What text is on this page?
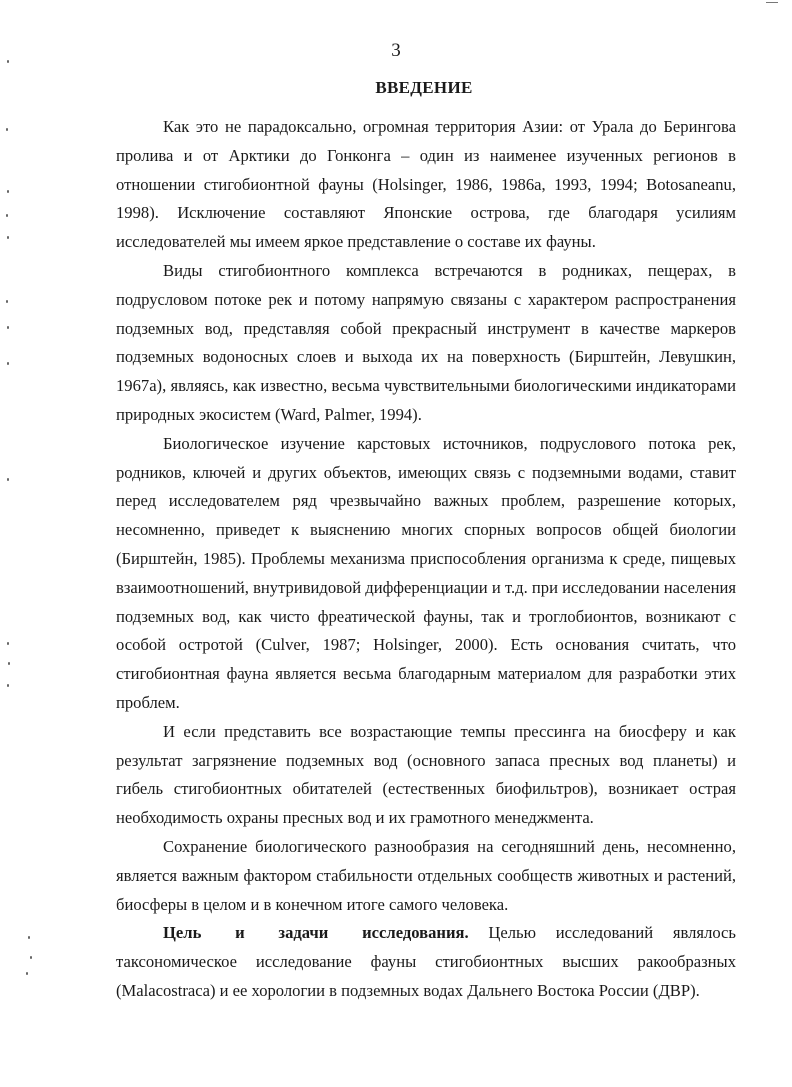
3
ВВЕДЕНИЕ

Как это не парадоксально, огромная территория Азии: от Урала до Берингова пролива и от Арктики до Гонконга – один из наименее изученных регионов в отношении стигобионтной фауны (Holsinger, 1986, 1986а, 1993, 1994; Botosaneanu, 1998). Исключение составляют Японские острова, где благодаря усилиям исследователей мы имеем яркое представление о составе их фауны.

Виды стигобионтного комплекса встречаются в родниках, пещерах, в подрусловом потоке рек и потому напрямую связаны с характером распространения подземных вод, представляя собой прекрасный инструмент в качестве маркеров подземных водоносных слоев и выхода их на поверхность (Бирштейн, Левушкин, 1967а), являясь, как известно, весьма чувствительными биологическими индикаторами природных экосистем (Ward, Palmer, 1994).

Биологическое изучение карстовых источников, подруслового потока рек, родников, ключей и других объектов, имеющих связь с подземными водами, ставит перед исследователем ряд чрезвычайно важных проблем, разрешение которых, несомненно, приведет к выяснению многих спорных вопросов общей биологии (Бирштейн, 1985). Проблемы механизма приспособления организма к среде, пищевых взаимоотношений, внутривидовой дифференциации и т.д. при исследовании населения подземных вод, как чисто фреатической фауны, так и троглобионтов, возникают с особой остротой (Culver, 1987; Holsinger, 2000). Есть основания считать, что стигобионтная фауна является весьма благодарным материалом для разработки этих проблем.

И если представить все возрастающие темпы прессинга на биосферу и как результат загрязнение подземных вод (основного запаса пресных вод планеты) и гибель стигобионтных обитателей (естественных биофильтров), возникает острая необходимость охраны пресных вод и их грамотного менеджмента.

Сохранение биологического разнообразия на сегодняшний день, несомненно, является важным фактором стабильности отдельных сообществ животных и растений, биосферы в целом и в конечном итоге самого человека.

Цель и задачи исследования. Целью исследований являлось таксономическое исследование фауны стигобионтных высших ракообразных (Malacostraca) и ее хорологии в подземных водах Дальнего Востока России (ДВР).
